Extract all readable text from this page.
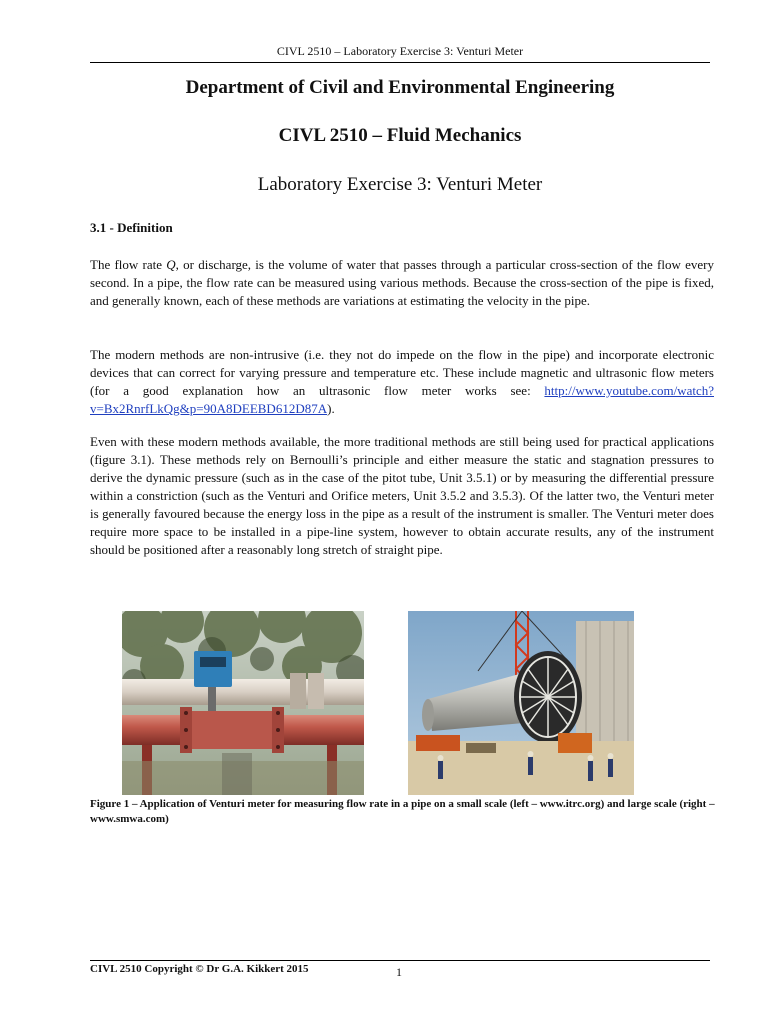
CIVL 2510 – Laboratory Exercise 3: Venturi Meter
Department of Civil and Environmental Engineering
CIVL 2510 – Fluid Mechanics
Laboratory Exercise 3: Venturi Meter
3.1 - Definition

The flow rate Q, or discharge, is the volume of water that passes through a particular cross-section of the flow every second. In a pipe, the flow rate can be measured using various methods. Because the cross-section of the pipe is fixed, and generally known, each of these methods are variations at estimating the velocity in the pipe.

The modern methods are non-intrusive (i.e. they not do impede on the flow in the pipe) and incorporate electronic devices that can correct for varying pressure and temperature etc. These include magnetic and ultrasonic flow meters (for a good explanation how an ultrasonic flow meter works see: http://www.youtube.com/watch?v=Bx2RnrfLkQg&p=90A8DEEBD612D87A).

Even with these modern methods available, the more traditional methods are still being used for practical applications (figure 3.1). These methods rely on Bernoulli’s principle and either measure the static and stagnation pressures to derive the dynamic pressure (such as in the case of the pitot tube, Unit 3.5.1) or by measuring the differential pressure within a constriction (such as the Venturi and Orifice meters, Unit 3.5.2 and 3.5.3). Of the latter two, the Venturi meter is generally favoured because the energy loss in the pipe as a result of the instrument is smaller. The Venturi meter does require more space to be installed in a pipe-line system, however to obtain accurate results, any of the instrument should be positioned after a reasonably long stretch of straight pipe.

Figure 1 – Application of Venturi meter for measuring flow rate in a pipe on a small scale (left – www.itrc.org) and large scale (right – www.smwa.com)

CIVL 2510 Copyright © Dr G.A. Kikkert 2015	1
